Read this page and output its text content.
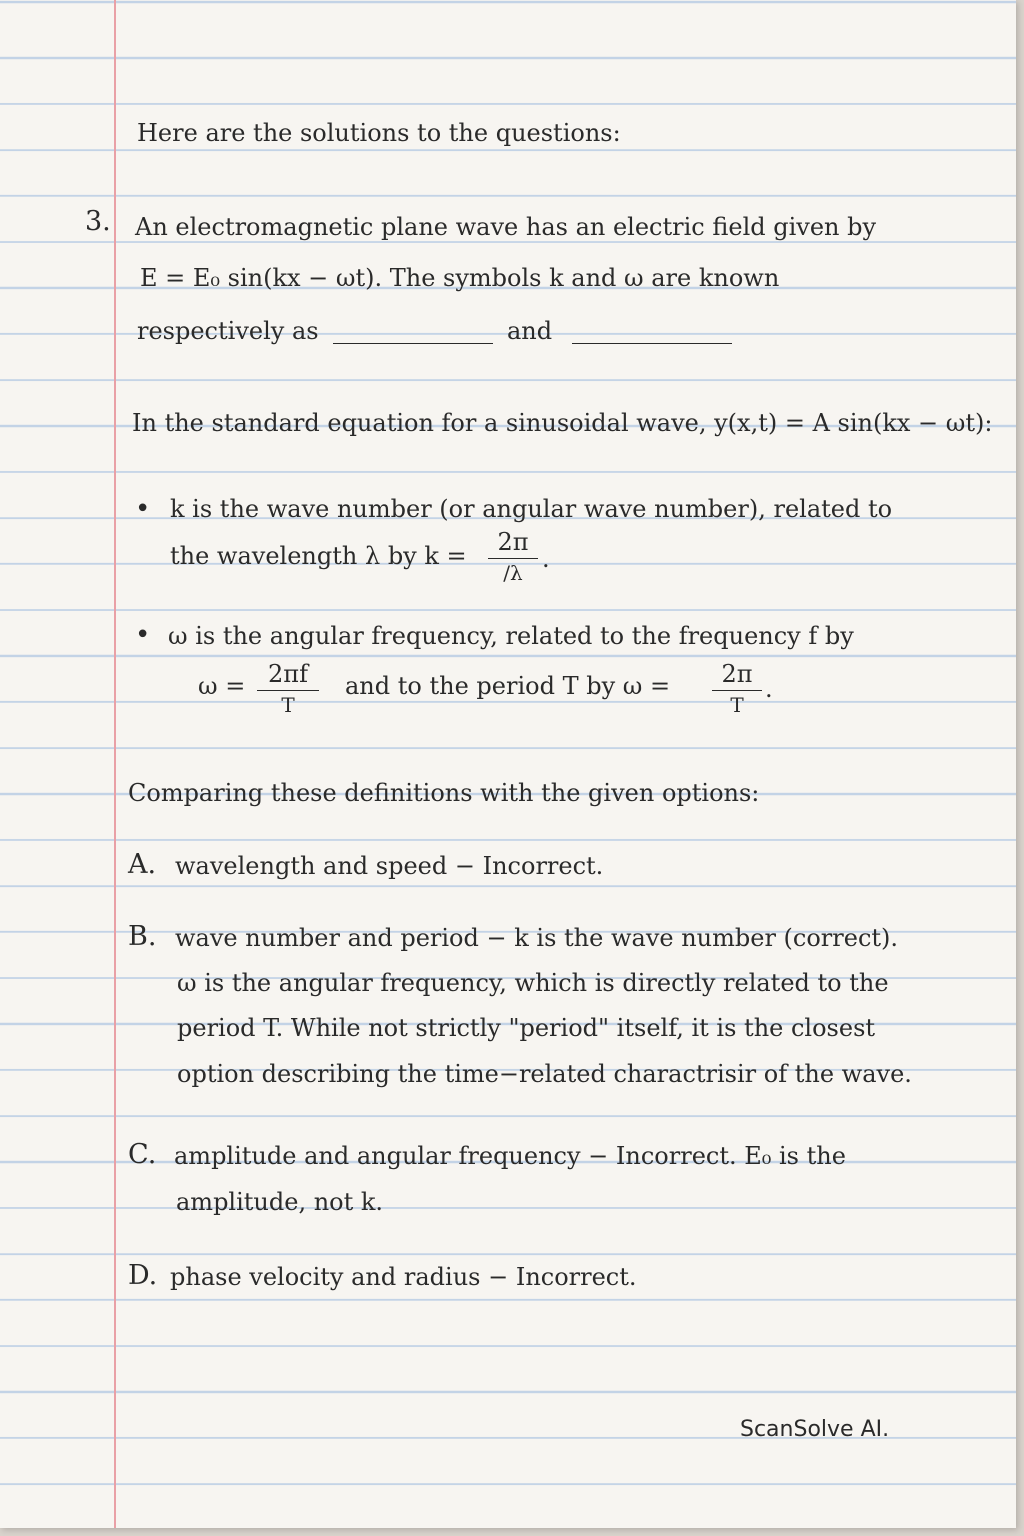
Here are the solutions to the questions:
3. An electromagnetic plane wave has an electric field given by
E = E₀ sin(kx − ωt). The symbols k and ω are known
respectively as	and
In the standard equation for a sinusoidal wave, y(x,t) = A sin(kx − ωt):
• k is the wave number (or angular wave number), related to
the wavelength λ by k =	2π
/λ .
• ω is the angular frequency, related to the frequency f by
ω = 2πf
T
and to the period T by ω =	2π
T
.
Comparing these definitions with the given options:
A. wavelength and speed − Incorrect.
B. wave number and period − k is the wave number (correct).
ω is the angular frequency, which is directly related to the
period T. While not strictly "period" itself, it is the closest
option describing the time−related charactrisir of the wave.
C. amplitude and angular frequency − Incorrect. E₀ is the
amplitude, not k.
D. phase velocity and radius − Incorrect.
ScanSolve AI.
